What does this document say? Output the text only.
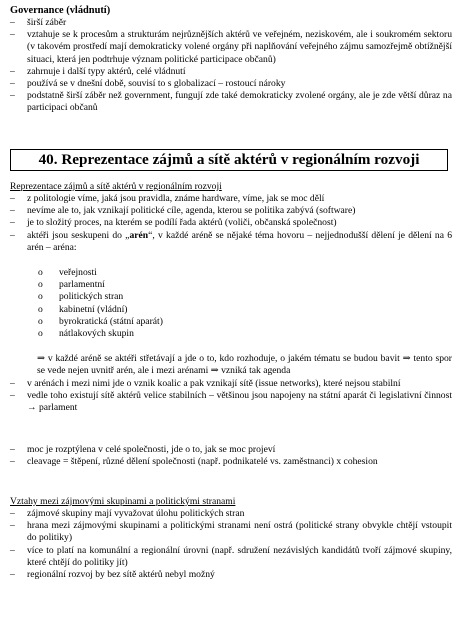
Governance (vládnutí)
– širší záběr
– vztahuje se k procesům a strukturám nejrůznějších aktérů ve veřejném, neziskovém, ale i soukromém sektoru (v takovém prostředí mají demokraticky volené orgány při naplňování veřejného zájmu samozřejmě obtížnější situaci, která jen podtrhuje význam politické participace občanů)
– zahrnuje i další typy aktérů, celé vládnutí
– používá se v dnešní době, souvisí to s globalizací – rostoucí nároky
– podstatně širší záběr než government, fungují zde také demokraticky zvolené orgány, ale je zde větší důraz na participaci občanů
40. Reprezentace zájmů a sítě aktérů v regionálním rozvoji
Reprezentace zájmů a sítě aktérů v regionálním rozvoji
– z politologie víme, jaká jsou pravidla, známe hardware, víme, jak se moc dělí
– nevíme ale to, jak vznikají politické cíle, agenda, kterou se politika zabývá (software)
– je to složitý proces, na kterém se podílí řada aktérů (voliči, občanská společnost)
– aktéři jsou seskupeni do „arén“, v každé aréně se nějaké téma hovoru – nejjednodušší dělení je dělení na 6 arén – aréna:
o veřejnosti
o parlamentní
o politických stran
o kabinetní (vládní)
o byrokratická (státní aparát)
o nátlakových skupin
⇒ v každé aréně se aktéři střetávají a jde o to, kdo rozhoduje, o jakém tématu se budou bavit ⇒ tento spor se vede nejen uvnitř arén, ale i mezi arénami ⇒ vzniká tak agenda
– v arénách i mezi nimi jde o vznik koalic a pak vznikají sítě (issue networks), které nejsou stabilní
– vedle toho existují sítě aktérů velice stabilních – většinou jsou napojeny na státní aparát či legislativní činnost → parlament
– moc je rozptýlena v celé společnosti, jde o to, jak se moc projeví
– cleavage = štěpení, různé dělení společnosti (např. podnikatelé vs. zaměstnanci) x cohesion
Vztahy mezi zájmovými skupinami a politickými stranami
– zájmové skupiny mají vyvažovat úlohu politických stran
– hrana mezi zájmovými skupinami a politickými stranami není ostrá (politické strany obvykle chtějí vstoupit do politiky)
– více to platí na komunální a regionální úrovni (např. sdružení nezávislých kandidátů tvoří zájmové skupiny, které chtějí do politiky jít)
– regionální rozvoj by bez sítě aktérů nebyl možný
